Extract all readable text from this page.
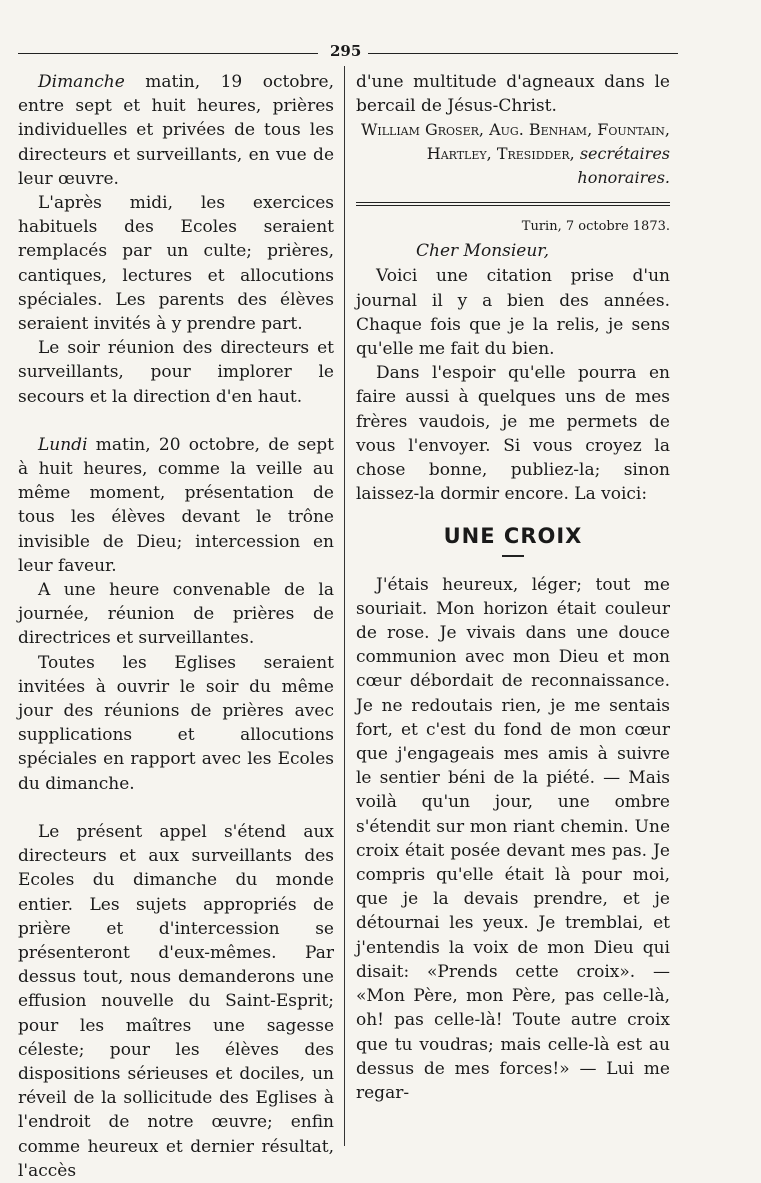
295

Dimanche matin, 19 octobre, entre sept et huit heures, prières individuelles et privées de tous les directeurs et surveillants, en vue de leur œuvre.

L'après midi, les exercices habituels des Ecoles seraient remplacés par un culte; prières, cantiques, lectures et allocutions spéciales. Les parents des élèves seraient invités à y prendre part.

Le soir réunion des directeurs et surveillants, pour implorer le secours et la direction d'en haut.

Lundi matin, 20 octobre, de sept à huit heures, comme la veille au même moment, présentation de tous les élèves devant le trône invisible de Dieu; intercession en leur faveur.

A une heure convenable de la journée, réunion de prières de directrices et surveillantes.

Toutes les Eglises seraient invitées à ouvrir le soir du même jour des réunions de prières avec supplications et allocutions spéciales en rapport avec les Ecoles du dimanche.

Le présent appel s'étend aux directeurs et aux surveillants des Ecoles du dimanche du monde entier. Les sujets appropriés de prière et d'intercession se présenteront d'eux-mêmes. Par dessus tout, nous demanderons une effusion nouvelle du Saint-Esprit; pour les maîtres une sagesse céleste; pour les élèves des dispositions sérieuses et dociles, un réveil de la sollicitude des Eglises à l'endroit de notre œuvre; enfin comme heureux et dernier résultat, l'accès

d'une multitude d'agneaux dans le bercail de Jésus-Christ.

William Groser, Aug. Benham, Fountain, Hartley, Tresidder, secrétaires honoraires.
Turin, 7 octobre 1873.
Cher Monsieur,

Voici une citation prise d'un journal il y a bien des années. Chaque fois que je la relis, je sens qu'elle me fait du bien.

Dans l'espoir qu'elle pourra en faire aussi à quelques uns de mes frères vaudois, je me permets de vous l'envoyer. Si vous croyez la chose bonne, publiez-la; sinon laissez-la dormir encore. La voici:

UNE CROIX

J'étais heureux, léger; tout me souriait. Mon horizon était couleur de rose. Je vivais dans une douce communion avec mon Dieu et mon cœur débordait de reconnaissance. Je ne redoutais rien, je me sentais fort, et c'est du fond de mon cœur que j'engageais mes amis à suivre le sentier béni de la piété. — Mais voilà qu'un jour, une ombre s'étendit sur mon riant chemin. Une croix était posée devant mes pas. Je compris qu'elle était là pour moi, que je la devais prendre, et je détournai les yeux. Je tremblai, et j'entendis la voix de mon Dieu qui disait: «Prends cette croix». — «Mon Père, mon Père, pas celle-là, oh! pas celle-là! Toute autre croix que tu voudras; mais celle-là est au dessus de mes forces!» — Lui me regar-
